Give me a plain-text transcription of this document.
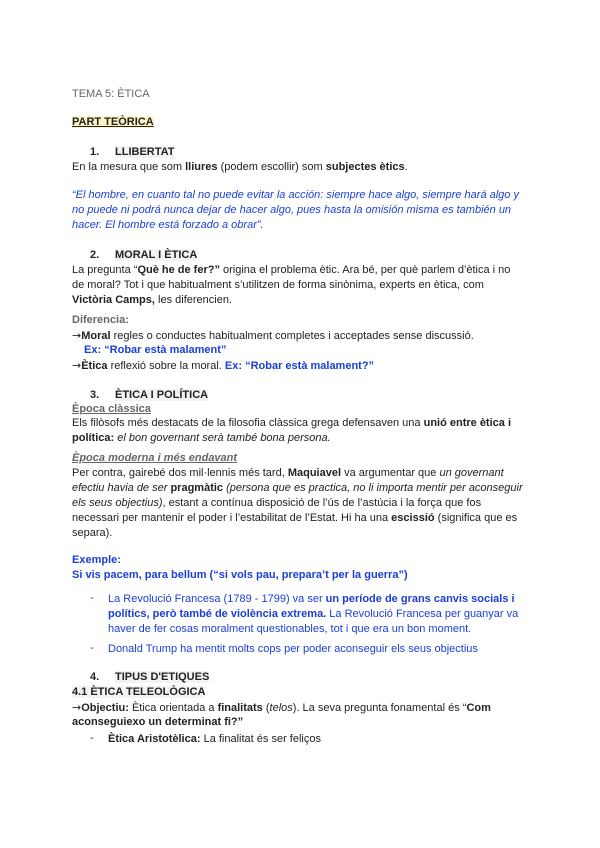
TEMA 5: ÈTICA
PART TEÒRICA
1. LLIBERTAT
En la mesura que som lliures (podem escollir) som subjectes ètics.
“El hombre, en cuanto tal no puede evitar la acción: siempre hace algo, siempre hará algo y
no puede ni podrá nunca dejar de hacer algo, pues hasta la omisión misma es también un
hacer. El hombre está forzado a obrar”.
2. MORAL I ÈTICA
La pregunta “Què he de fer?” origina el problema ètic. Ara bé, per què parlem d’ètica i no
de moral? Tot i que habitualment s’utilitzen de forma sinònima, experts en ètica, com
Victòria Camps, les diferencien.
Diferencia:
→Moral regles o conductes habitualment completes i acceptades sense discussió.
Ex: “Robar està malament”
→Ètica reflexió sobre la moral. Ex: “Robar està malament?”
3. ÈTICA I POLÍTICA
Època clàssica
Els filòsofs més destacats de la filosofia clàssica grega defensaven una unió entre ètica i
política: el bon governant serà també bona persona.
Època moderna i més endavant
Per contra, gairebé dos mil·lennis més tard, Maquiavel va argumentar que un governant
efectiu havia de ser pragmàtic (persona que es practica, no li importa mentir per aconseguir
els seus objectius), estant a contínua disposició de l’ús de l’astúcia i la força que fos
necessari per mantenir el poder i l’estabilitat de l’Estat. Hi ha una escissió (significa que es
separa).
Exemple:
Si vis pacem, para bellum (“si vols pau, prepara’t per la guerra”)
- La Revolució Francesa (1789 - 1799) va ser un període de grans canvis socials i
polítics, però també de violència extrema. La Revolució Francesa per guanyar va
haver de fer cosas moralment questionables, tot i que era un bon moment.
- Donald Trump ha mentit molts cops per poder aconseguir els seus objectius
4. TIPUS D'ETIQUES
4.1 ÈTICA TELEOLÒGICA
→Objectiu: Ètica orientada a finalitats (telos). La seva pregunta fonamental és “Com
aconseguiexo un determinat fi?”
- Ètica Aristotèlica: La finalitat és ser feliços
